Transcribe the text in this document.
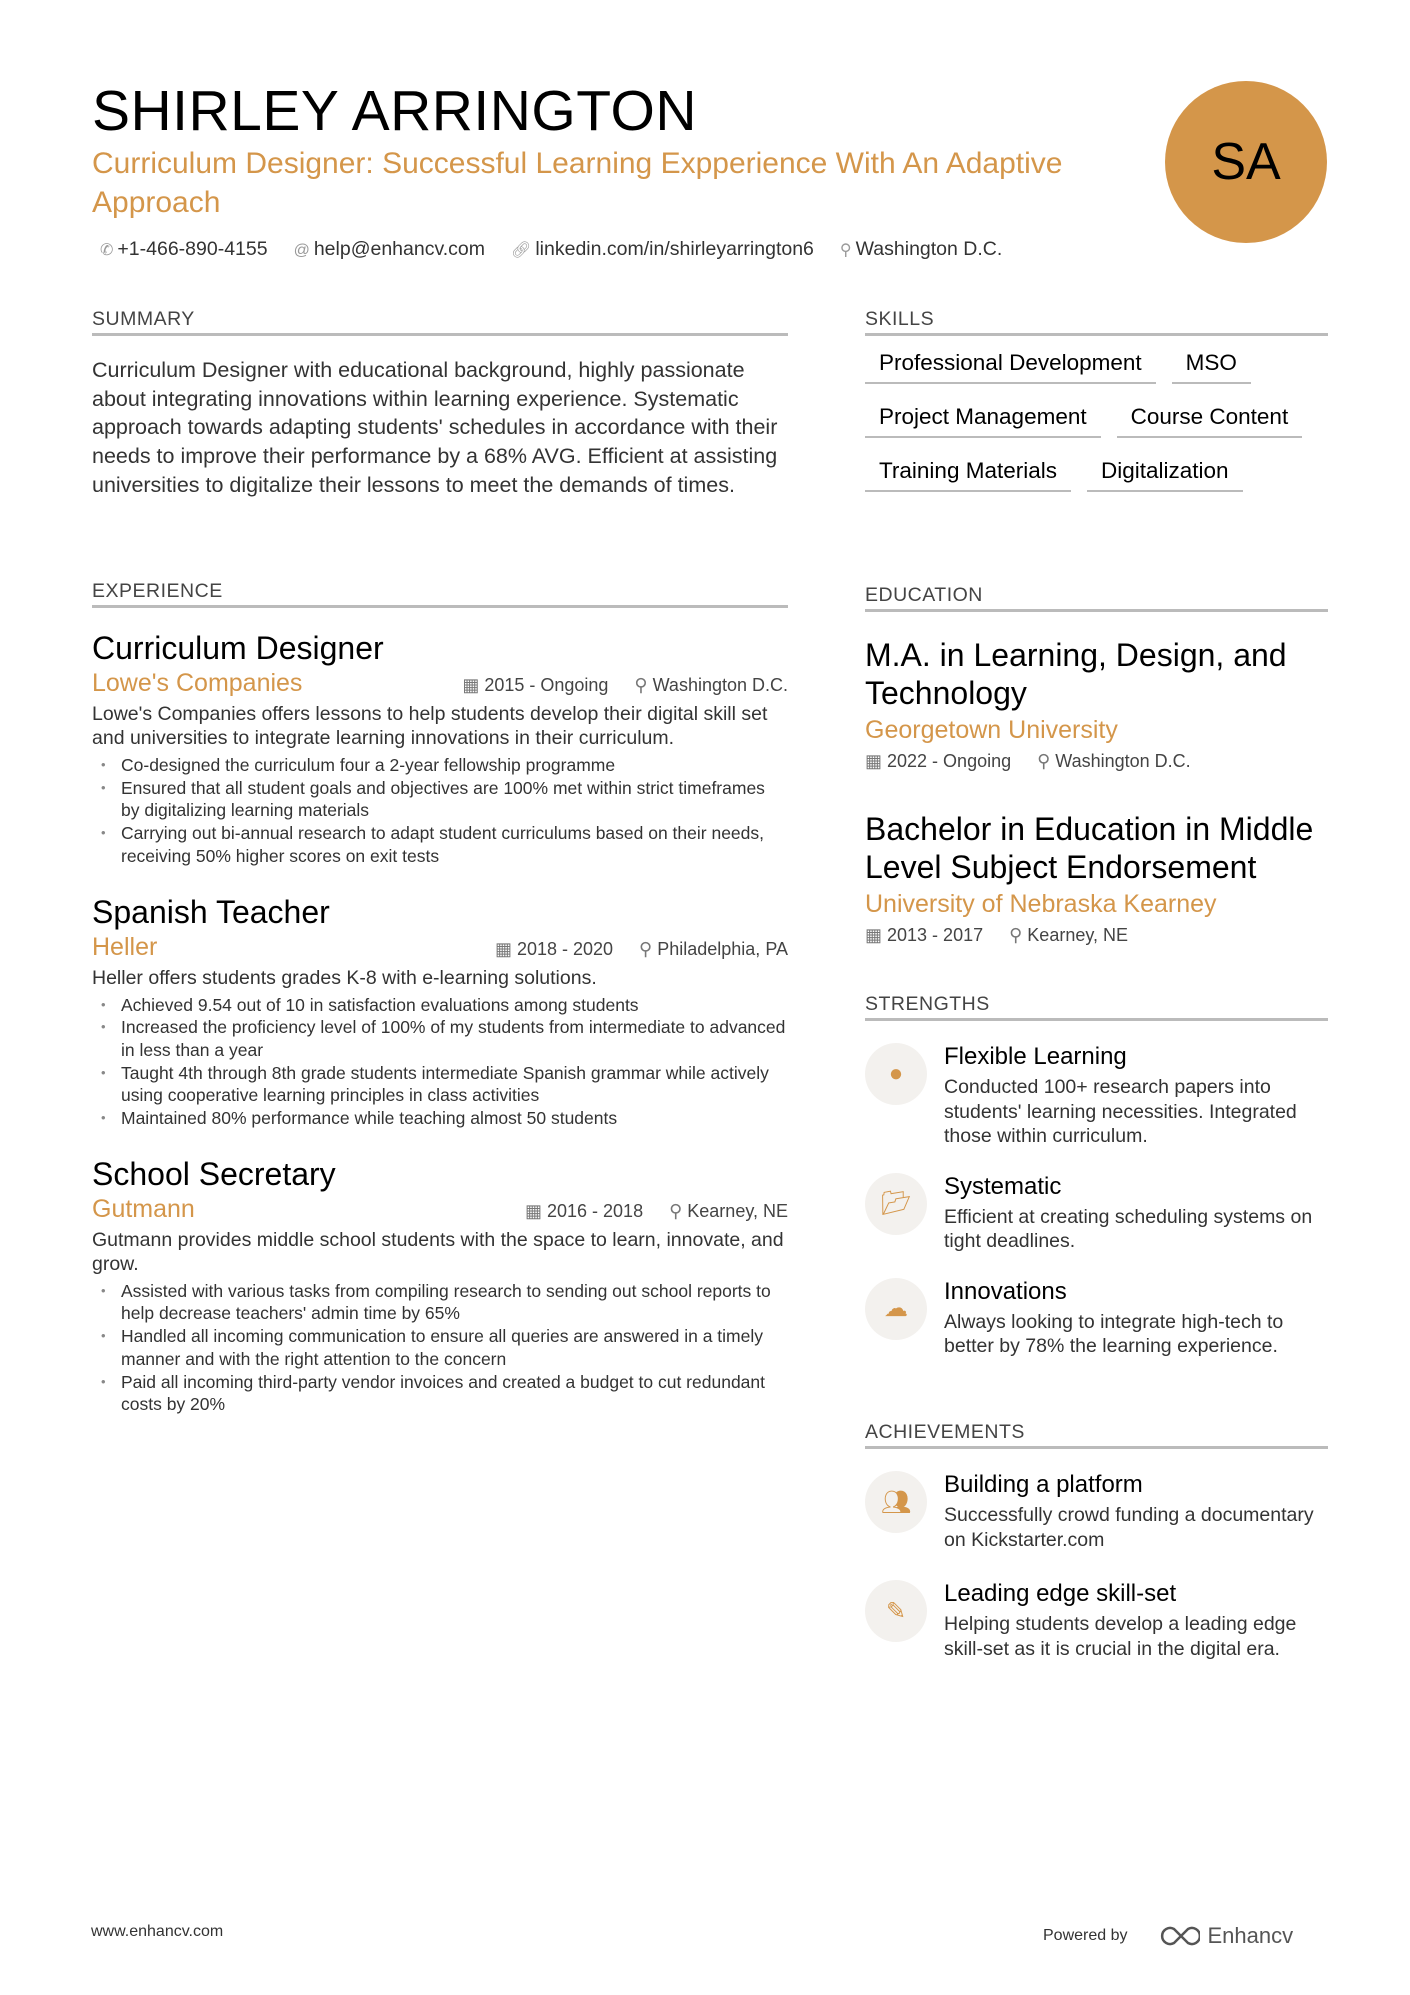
SHIRLEY ARRINGTON
Curriculum Designer: Successful Learning Expperience With An Adaptive Approach
✆ +1-466-890-4155 @ help@enhancv.com 🔗︎ linkedin.com/in/shirleyarrington6 ⚲ Washington D.C.
SA
SUMMARY
Curriculum Designer with educational background, highly passionate about integrating innovations within learning experience. Systematic approach towards adapting students' schedules in accordance with their needs to improve their performance by a 68% AVG. Efficient at assisting universities to digitalize their lessons to meet the demands of times.
EXPERIENCE
Curriculum Designer
Lowe's Companies	▦ 2015 - Ongoing ⚲ Washington D.C.
Lowe's Companies offers lessons to help students develop their digital skill set and universities to integrate learning innovations in their curriculum.
• Co-designed the curriculum four a 2-year fellowship programme
• Ensured that all student goals and objectives are 100% met within strict timeframes by digitalizing learning materials
• Carrying out bi-annual research to adapt student curriculums based on their needs, receiving 50% higher scores on exit tests
Spanish Teacher
Heller	▦ 2018 - 2020 ⚲ Philadelphia, PA
Heller offers students grades K-8 with e-learning solutions.
• Achieved 9.54 out of 10 in satisfaction evaluations among students
• Increased the proficiency level of 100% of my students from intermediate to advanced in less than a year
• Taught 4th through 8th grade students intermediate Spanish grammar while actively using cooperative learning principles in class activities
• Maintained 80% performance while teaching almost 50 students
School Secretary
Gutmann	▦ 2016 - 2018 ⚲ Kearney, NE
Gutmann provides middle school students with the space to learn, innovate, and grow.
• Assisted with various tasks from compiling research to sending out school reports to help decrease teachers' admin time by 65%
• Handled all incoming communication to ensure all queries are answered in a timely manner and with the right attention to the concern
• Paid all incoming third-party vendor invoices and created a budget to cut redundant costs by 20%
SKILLS
Professional Development	MSO
Project Management	Course Content
Training Materials	Digitalization
EDUCATION
M.A. in Learning, Design, and Technology
Georgetown University
▦ 2022 - Ongoing ⚲ Washington D.C.
Bachelor in Education in Middle Level Subject Endorsement
University of Nebraska Kearney
▦ 2013 - 2017 ⚲ Kearney, NE
STRENGTHS
●
Flexible Learning
Conducted 100+ research papers into students' learning necessities. Integrated those within curriculum.
📂︎
Systematic
Efficient at creating scheduling systems on tight deadlines.
☁
Innovations
Always looking to integrate high-tech to better by 78% the learning experience.
ACHIEVEMENTS
👥︎
Building a platform
Successfully crowd funding a documentary on Kickstarter.com
✎
Leading edge skill-set
Helping students develop a leading edge skill-set as it is crucial in the digital era.
www.enhancv.com	Powered by	Enhancv
